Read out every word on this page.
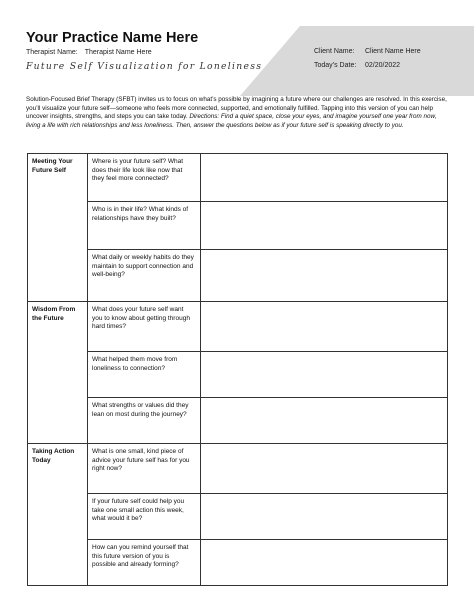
Your Practice Name Here
Therapist Name: Therapist Name Here
Future Self Visualization for Loneliness
Client Name: Client Name Here
Today’s Date: 02/20/2022
Solution-Focused Brief Therapy (SFBT) invites us to focus on what’s possible by imagining a future where our challenges are resolved. In this exercise, you’ll visualize your future self—someone who feels more connected, supported, and emotionally fulfilled. Tapping into this version of you can help uncover insights, strengths, and steps you can take today. Directions: Find a quiet space, close your eyes, and imagine yourself one year from now, living a life with rich relationships and less loneliness. Then, answer the questions below as if your future self is speaking directly to you.
Meeting Your Future Self	Where is your future self? What does their life look like now that they feel more connected?	
	Who is in their life? What kinds of relationships have they built?	
	What daily or weekly habits do they maintain to support connection and well-being?	
Wisdom From the Future	What does your future self want you to know about getting through hard times?	
	What helped them move from loneliness to connection?	
	What strengths or values did they lean on most during the journey?	
Taking Action Today	What is one small, kind piece of advice your future self has for you right now?	
	If your future self could help you take one small action this week, what would it be?	
	How can you remind yourself that this future version of you is possible and already forming?	
